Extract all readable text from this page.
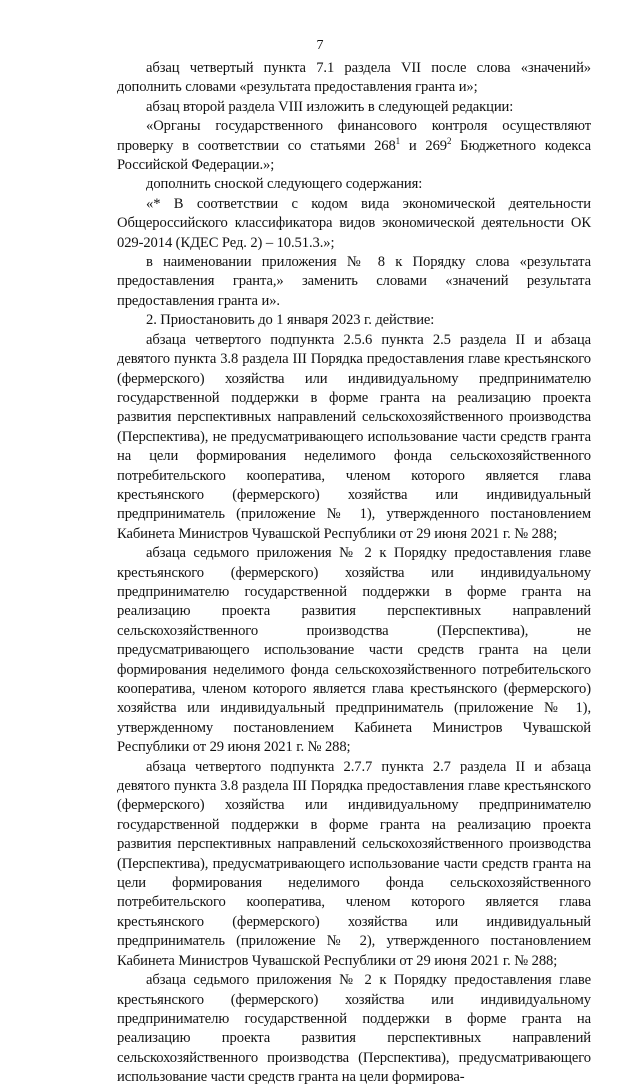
7

абзац четвертый пункта 7.1 раздела VII после слова «значений» дополнить словами «результата предоставления гранта и»;

абзац второй раздела VIII изложить в следующей редакции:

«Органы государственного финансового контроля осуществляют проверку в соответствии со статьями $268^1$ и $269^2$ Бюджетного кодекса Российской Федерации.»;

дополнить сноской следующего содержания:

«* В соответствии с кодом вида экономической деятельности Общероссийского классификатора видов экономической деятельности ОК 029-2014 (КДЕС Ред. 2) – 10.51.3.»;

в наименовании приложения № 8 к Порядку слова «результата предоставления гранта,» заменить словами «значений результата предоставления гранта и».

2. Приостановить до 1 января 2023 г. действие:

абзаца четвертого подпункта 2.5.6 пункта 2.5 раздела II и абзаца девятого пункта 3.8 раздела III Порядка предоставления главе крестьянского (фермерского) хозяйства или индивидуальному предпринимателю государственной поддержки в форме гранта на реализацию проекта развития перспективных направлений сельскохозяйственного производства (Перспектива), не предусматривающего использование части средств гранта на цели формирования неделимого фонда сельскохозяйственного потребительского кооператива, членом которого является глава крестьянского (фермерского) хозяйства или индивидуальный предприниматель (приложение № 1), утвержденного постановлением Кабинета Министров Чувашской Республики от 29 июня 2021 г. № 288;

абзаца седьмого приложения № 2 к Порядку предоставления главе крестьянского (фермерского) хозяйства или индивидуальному предпринимателю государственной поддержки в форме гранта на реализацию проекта развития перспективных направлений сельскохозяйственного производства (Перспектива), не предусматривающего использование части средств гранта на цели формирования неделимого фонда сельскохозяйственного потребительского кооператива, членом которого является глава крестьянского (фермерского) хозяйства или индивидуальный предприниматель (приложение № 1), утвержденному постановлением Кабинета Министров Чувашской Республики от 29 июня 2021 г. № 288;

абзаца четвертого подпункта 2.7.7 пункта 2.7 раздела II и абзаца девятого пункта 3.8 раздела III Порядка предоставления главе крестьянского (фермерского) хозяйства или индивидуальному предпринимателю государственной поддержки в форме гранта на реализацию проекта развития перспективных направлений сельскохозяйственного производства (Перспектива), предусматривающего использование части средств гранта на цели формирования неделимого фонда сельскохозяйственного потребительского кооператива, членом которого является глава крестьянского (фермерского) хозяйства или индивидуальный предприниматель (приложение № 2), утвержденного постановлением Кабинета Министров Чувашской Республики от 29 июня 2021 г. № 288;

абзаца седьмого приложения № 2 к Порядку предоставления главе крестьянского (фермерского) хозяйства или индивидуальному предпринимателю государственной поддержки в форме гранта на реализацию проекта развития перспективных направлений сельскохозяйственного производства (Перспектива), предусматривающего использование части средств гранта на цели формирова-
